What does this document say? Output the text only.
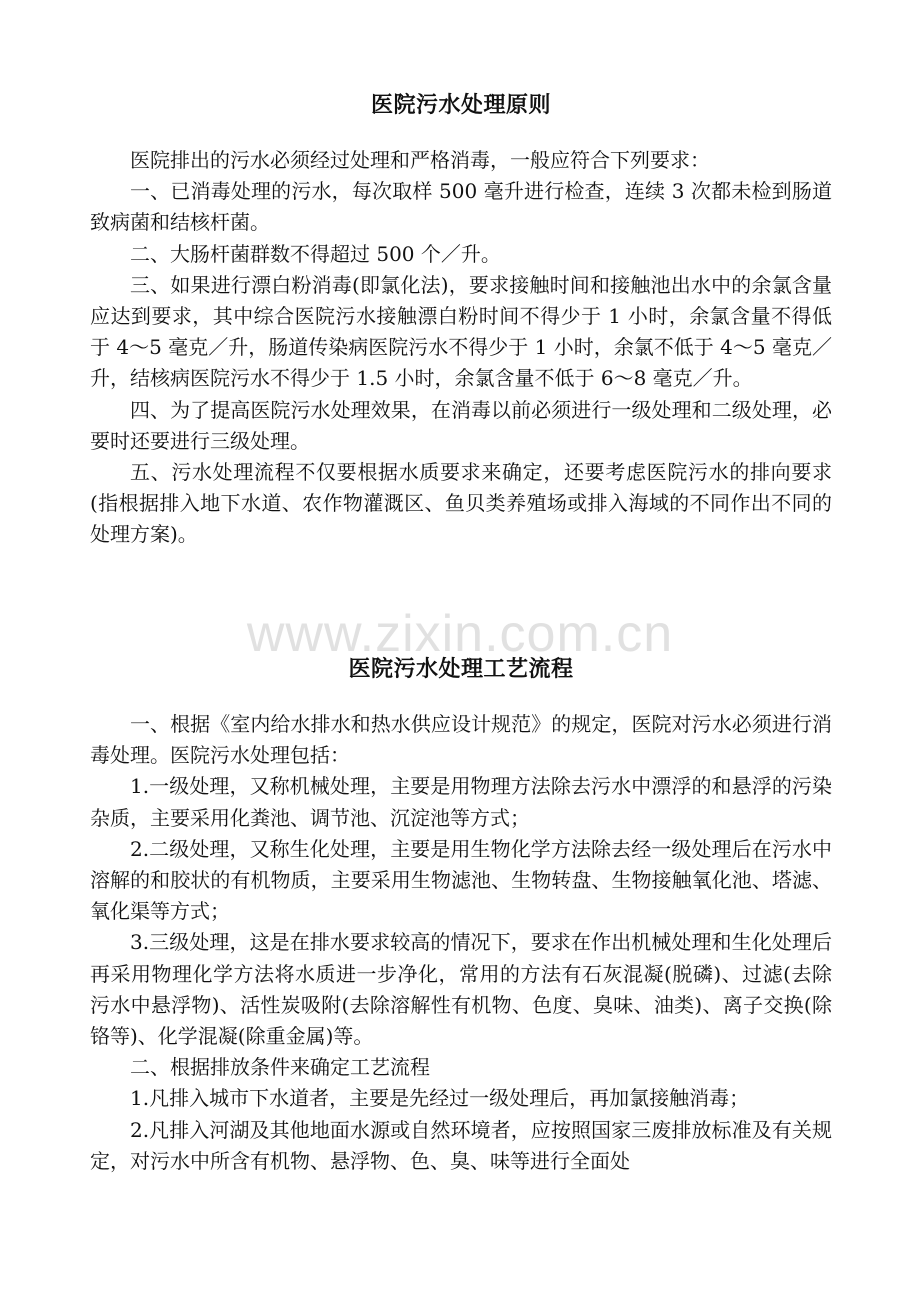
医院污水处理原则

医院排出的污水必须经过处理和严格消毒，一般应符合下列要求：

一、已消毒处理的污水，每次取样 500 毫升进行检查，连续 3 次都未检到肠道致病菌和结核杆菌。

二、大肠杆菌群数不得超过 500 个／升。

三、如果进行漂白粉消毒(即氯化法)，要求接触时间和接触池出水中的余氯含量应达到要求，其中综合医院污水接触漂白粉时间不得少于 1 小时，余氯含量不得低于 4～5 毫克／升，肠道传染病医院污水不得少于 1 小时，余氯不低于 4～5 毫克／升，结核病医院污水不得少于 1.5 小时，余氯含量不低于 6～8 毫克／升。

四、为了提高医院污水处理效果，在消毒以前必须进行一级处理和二级处理，必要时还要进行三级处理。

五、污水处理流程不仅要根据水质要求来确定，还要考虑医院污水的排向要求(指根据排入地下水道、农作物灌溉区、鱼贝类养殖场或排入海域的不同作出不同的处理方案)。

医院污水处理工艺流程

一、根据《室内给水排水和热水供应设计规范》的规定，医院对污水必须进行消毒处理。医院污水处理包括：

1.一级处理，又称机械处理，主要是用物理方法除去污水中漂浮的和悬浮的污染杂质，主要采用化粪池、调节池、沉淀池等方式；

2.二级处理，又称生化处理，主要是用生物化学方法除去经一级处理后在污水中溶解的和胶状的有机物质，主要采用生物滤池、生物转盘、生物接触氧化池、塔滤、氧化渠等方式；

3.三级处理，这是在排水要求较高的情况下，要求在作出机械处理和生化处理后再采用物理化学方法将水质进一步净化，常用的方法有石灰混凝(脱磷)、过滤(去除污水中悬浮物)、活性炭吸附(去除溶解性有机物、色度、臭味、油类)、离子交换(除铬等)、化学混凝(除重金属)等。

二、根据排放条件来确定工艺流程

1.凡排入城市下水道者，主要是先经过一级处理后，再加氯接触消毒；

2.凡排入河湖及其他地面水源或自然环境者，应按照国家三废排放标准及有关规定，对污水中所含有机物、悬浮物、色、臭、味等进行全面处

www.zixin.com.cn
